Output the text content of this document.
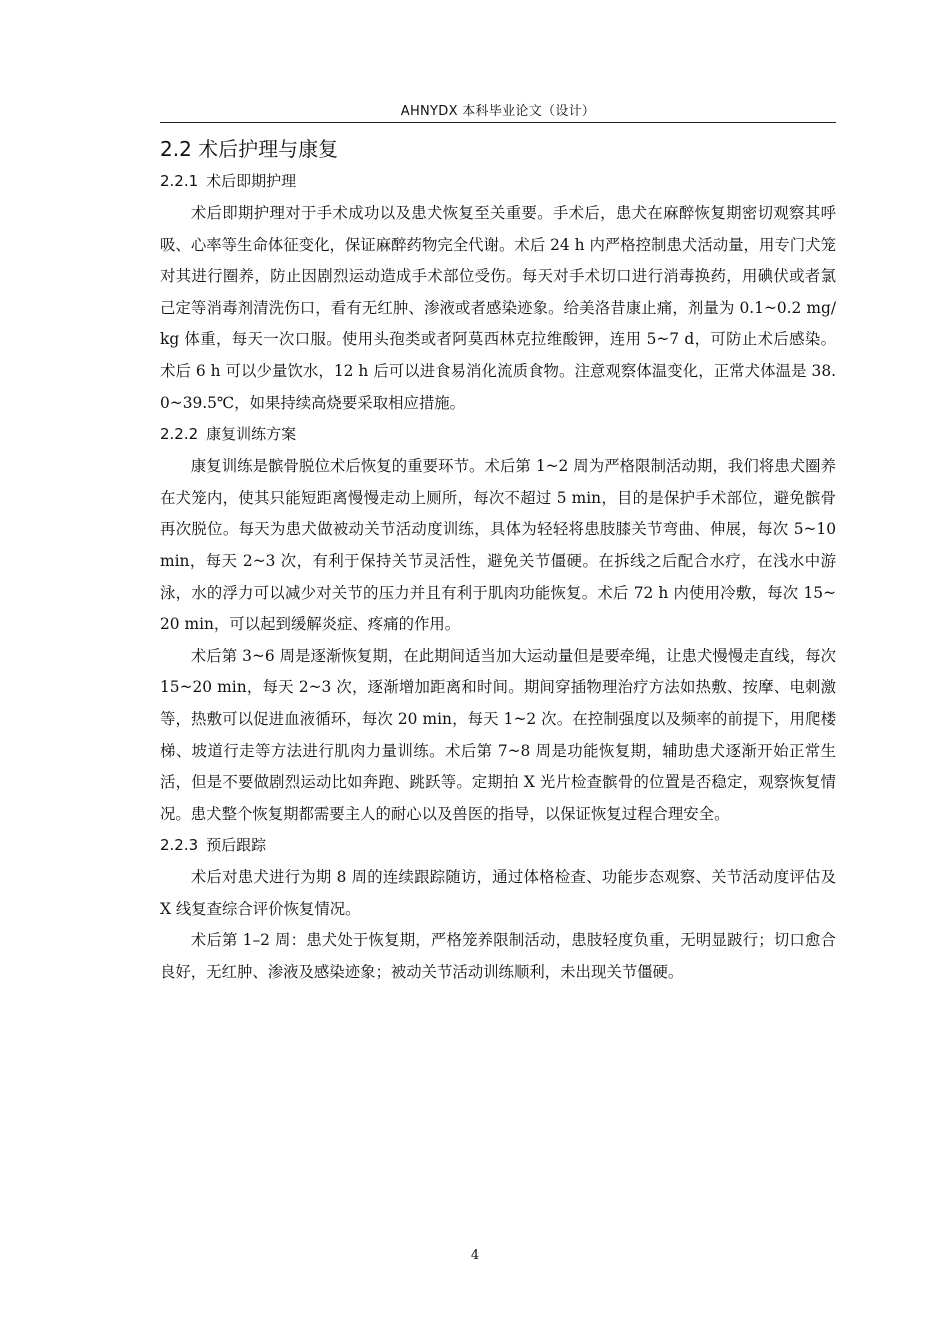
AHNYDX 本科毕业论文（设计）
2.2 术后护理与康复
2.2.1 术后即期护理

术后即期护理对于手术成功以及患犬恢复至关重要。手术后，患犬在麻醉恢复期密切观察其呼吸、心率等生命体征变化，保证麻醉药物完全代谢。术后 24 h 内严格控制患犬活动量，用专门犬笼对其进行圈养，防止因剧烈运动造成手术部位受伤。每天对手术切口进行消毒换药，用碘伏或者氯己定等消毒剂清洗伤口，看有无红肿、渗液或者感染迹象。给美洛昔康止痛，剂量为 0.1~0.2 mg/kg 体重，每天一次口服。使用头孢类或者阿莫西林克拉维酸钾，连用 5~7 d，可防止术后感染。术后 6 h 可以少量饮水，12 h 后可以进食易消化流质食物。注意观察体温变化，正常犬体温是 38.0~39.5℃，如果持续高烧要采取相应措施。

2.2.2 康复训练方案

康复训练是髌骨脱位术后恢复的重要环节。术后第 1~2 周为严格限制活动期，我们将患犬圈养在犬笼内，使其只能短距离慢慢走动上厕所，每次不超过 5 min，目的是保护手术部位，避免髌骨再次脱位。每天为患犬做被动关节活动度训练，具体为轻轻将患肢膝关节弯曲、伸展，每次 5~10 min，每天 2~3 次，有利于保持关节灵活性，避免关节僵硬。在拆线之后配合水疗，在浅水中游泳，水的浮力可以减少对关节的压力并且有利于肌肉功能恢复。术后 72 h 内使用冷敷，每次 15~20 min，可以起到缓解炎症、疼痛的作用。

术后第 3~6 周是逐渐恢复期，在此期间适当加大运动量但是要牵绳，让患犬慢慢走直线，每次 15~20 min，每天 2~3 次，逐渐增加距离和时间。期间穿插物理治疗方法如热敷、按摩、电刺激等，热敷可以促进血液循环，每次 20 min，每天 1~2 次。在控制强度以及频率的前提下，用爬楼梯、坡道行走等方法进行肌肉力量训练。术后第 7~8 周是功能恢复期，辅助患犬逐渐开始正常生活，但是不要做剧烈运动比如奔跑、跳跃等。定期拍 X 光片检查髌骨的位置是否稳定，观察恢复情况。患犬整个恢复期都需要主人的耐心以及兽医的指导，以保证恢复过程合理安全。

2.2.3 预后跟踪

术后对患犬进行为期 8 周的连续跟踪随访，通过体格检查、功能步态观察、关节活动度评估及 X 线复查综合评价恢复情况。

术后第 1–2 周：患犬处于恢复期，严格笼养限制活动，患肢轻度负重，无明显跛行；切口愈合良好，无红肿、渗液及感染迹象；被动关节活动训练顺利，未出现关节僵硬。

4
